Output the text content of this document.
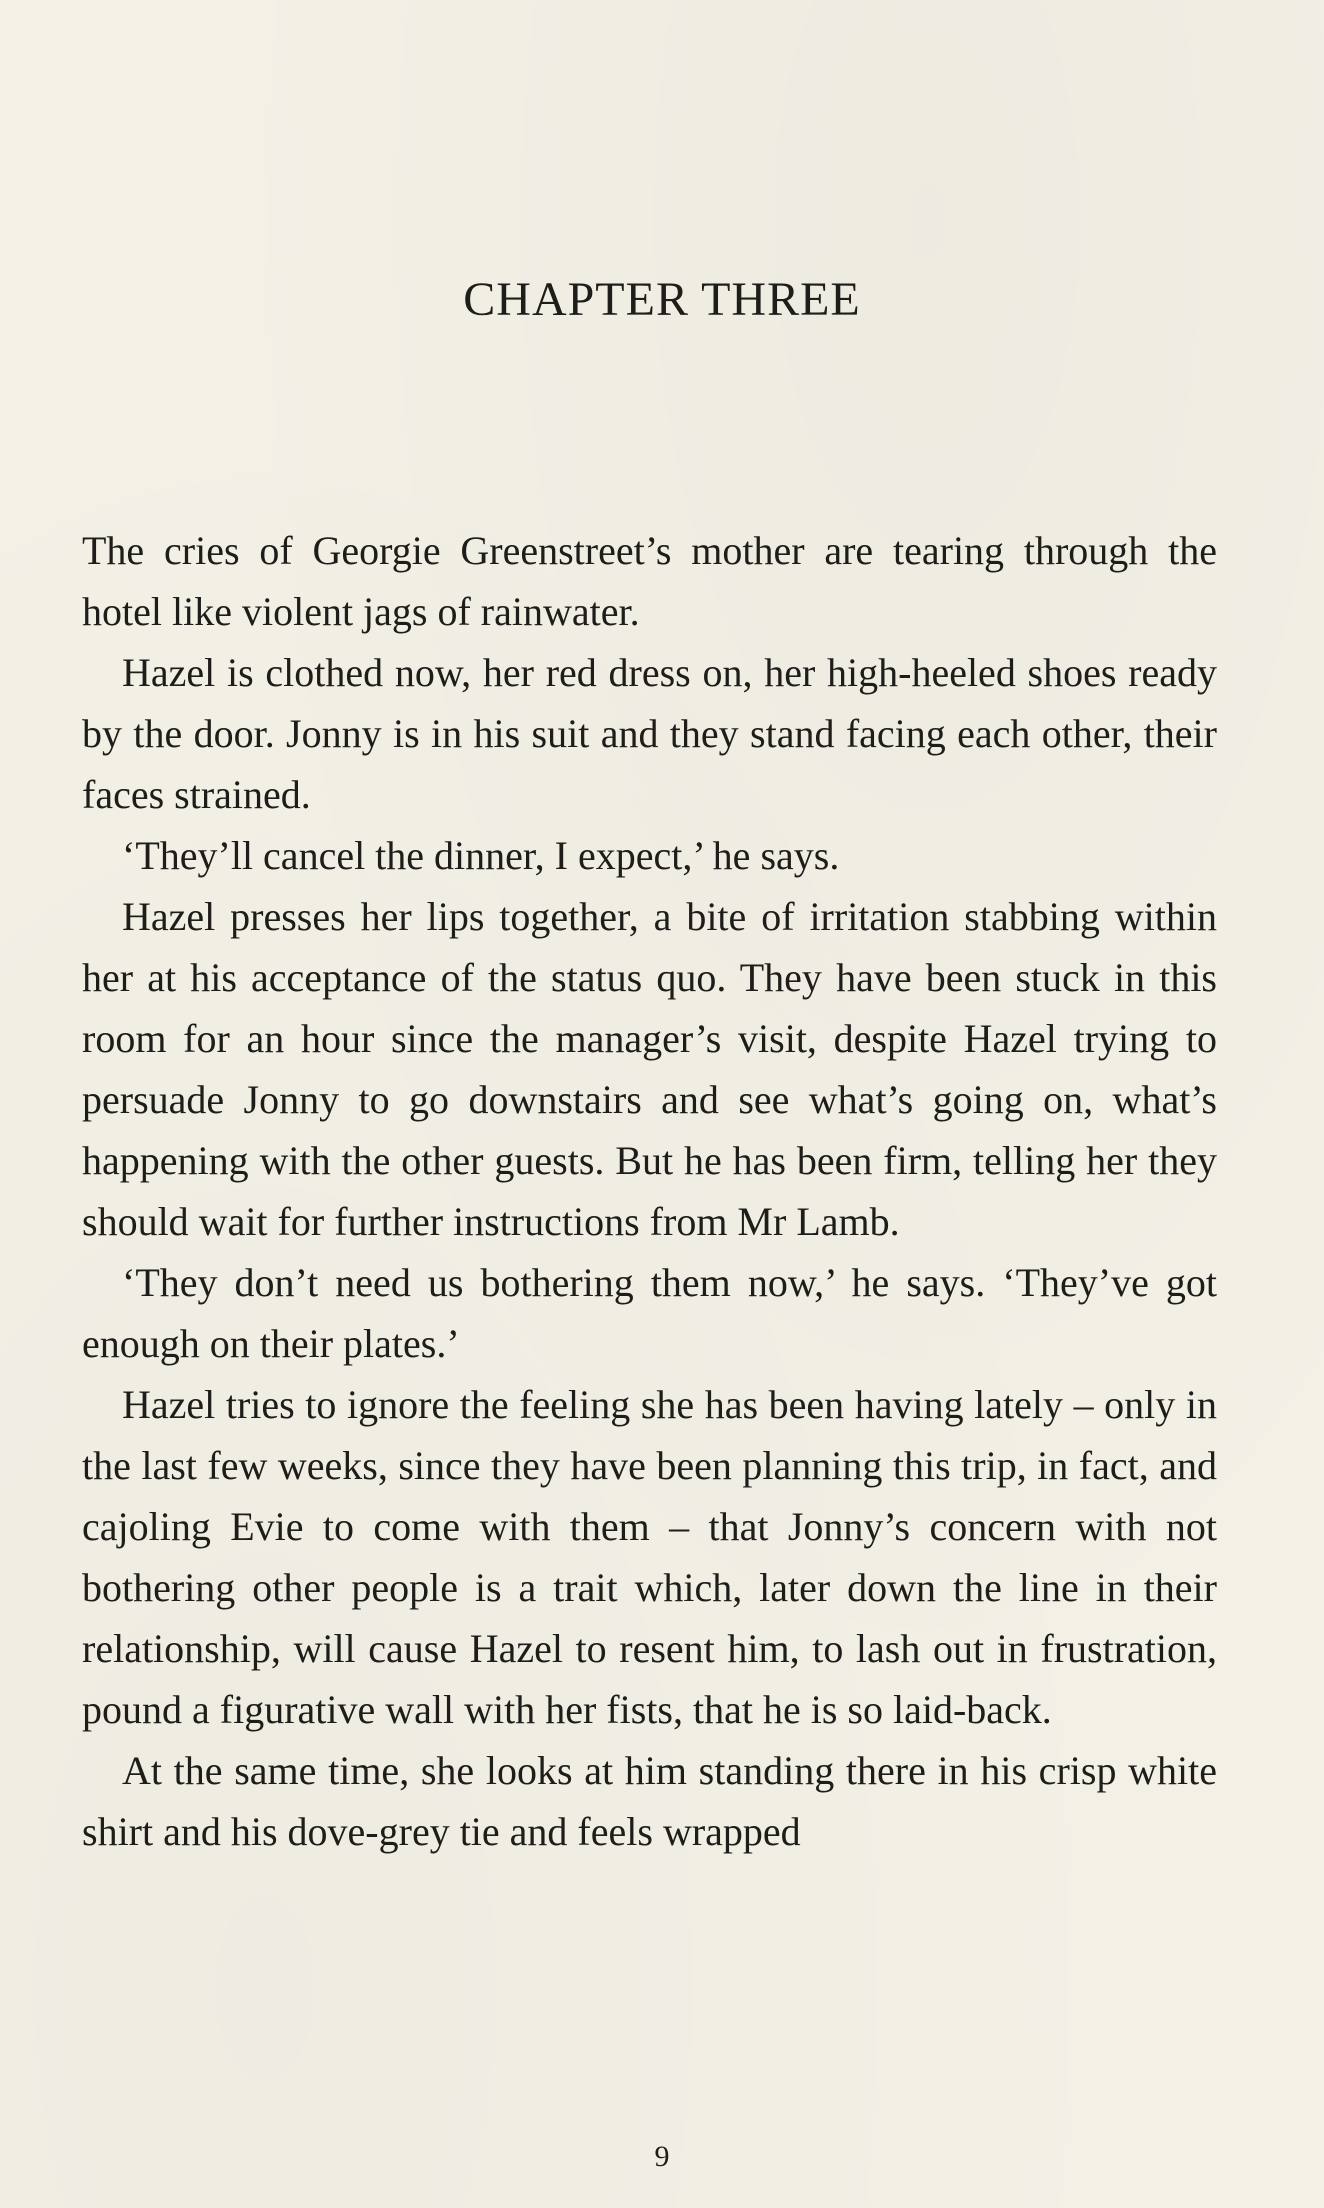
CHAPTER THREE

The cries of Georgie Greenstreet’s mother are tearing through the hotel like violent jags of rainwater.

Hazel is clothed now, her red dress on, her high-heeled shoes ready by the door. Jonny is in his suit and they stand facing each other, their faces strained.

‘They’ll cancel the dinner, I expect,’ he says.

Hazel presses her lips together, a bite of irritation stabbing within her at his acceptance of the status quo. They have been stuck in this room for an hour since the manager’s visit, despite Hazel trying to persuade Jonny to go downstairs and see what’s going on, what’s happening with the other guests. But he has been firm, telling her they should wait for further instructions from Mr Lamb.

‘They don’t need us bothering them now,’ he says. ‘They’ve got enough on their plates.’

Hazel tries to ignore the feeling she has been having lately – only in the last few weeks, since they have been planning this trip, in fact, and cajoling Evie to come with them – that Jonny’s concern with not bothering other people is a trait which, later down the line in their relationship, will cause Hazel to resent him, to lash out in frustration, pound a figurative wall with her fists, that he is so laid-back.

At the same time, she looks at him standing there in his crisp white shirt and his dove-grey tie and feels wrapped

9
